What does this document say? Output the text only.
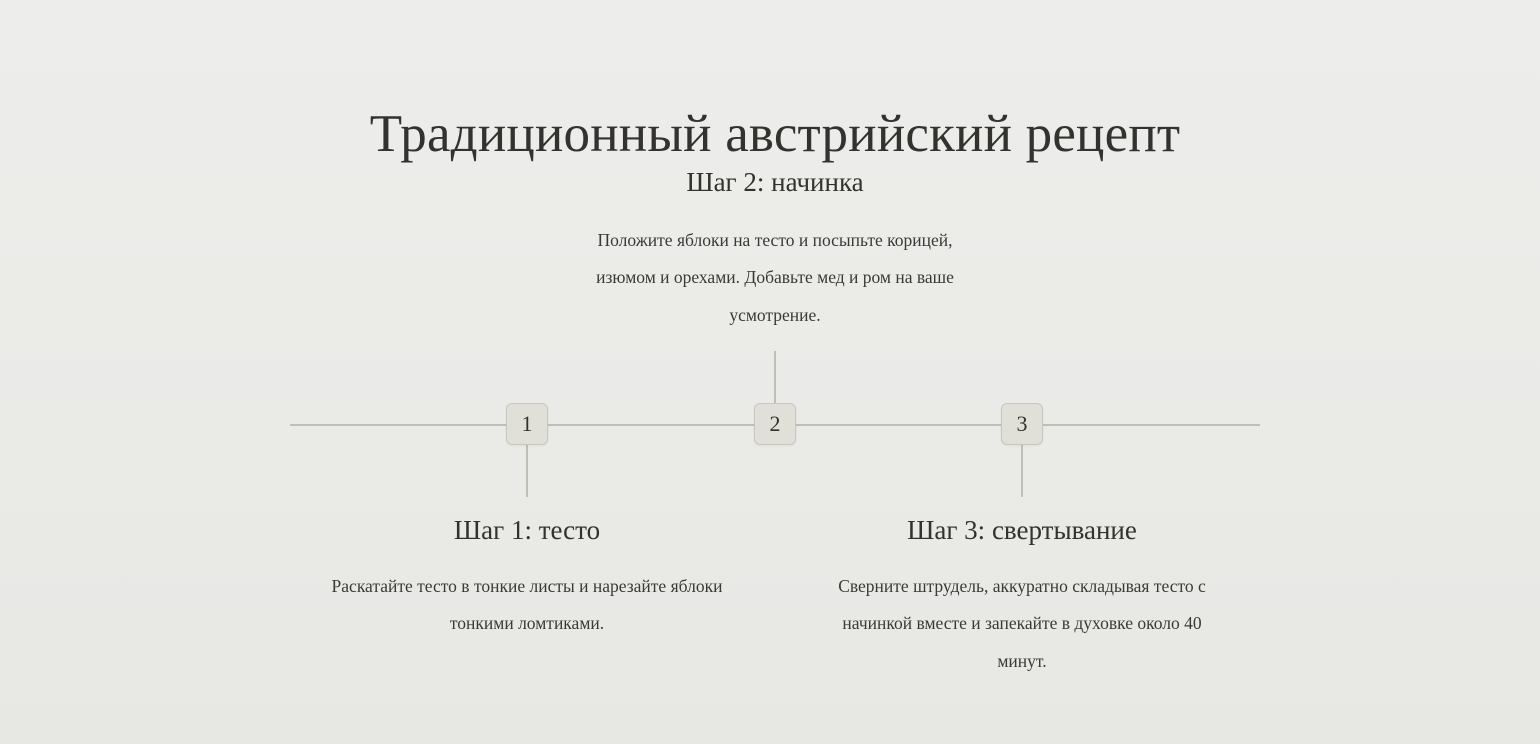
Традиционный австрийский рецепт
Шаг 2: начинка
Положите яблоки на тесто и посыпьте корицей, изюмом и орехами. Добавьте мед и ром на ваше усмотрение.
1	2	3
Шаг 1: тесто
Раскатайте тесто в тонкие листы и нарезайте яблоки тонкими ломтиками.
Шаг 3: свертывание
Сверните штрудель, аккуратно складывая тесто с начинкой вместе и запекайте в духовке около 40 минут.
